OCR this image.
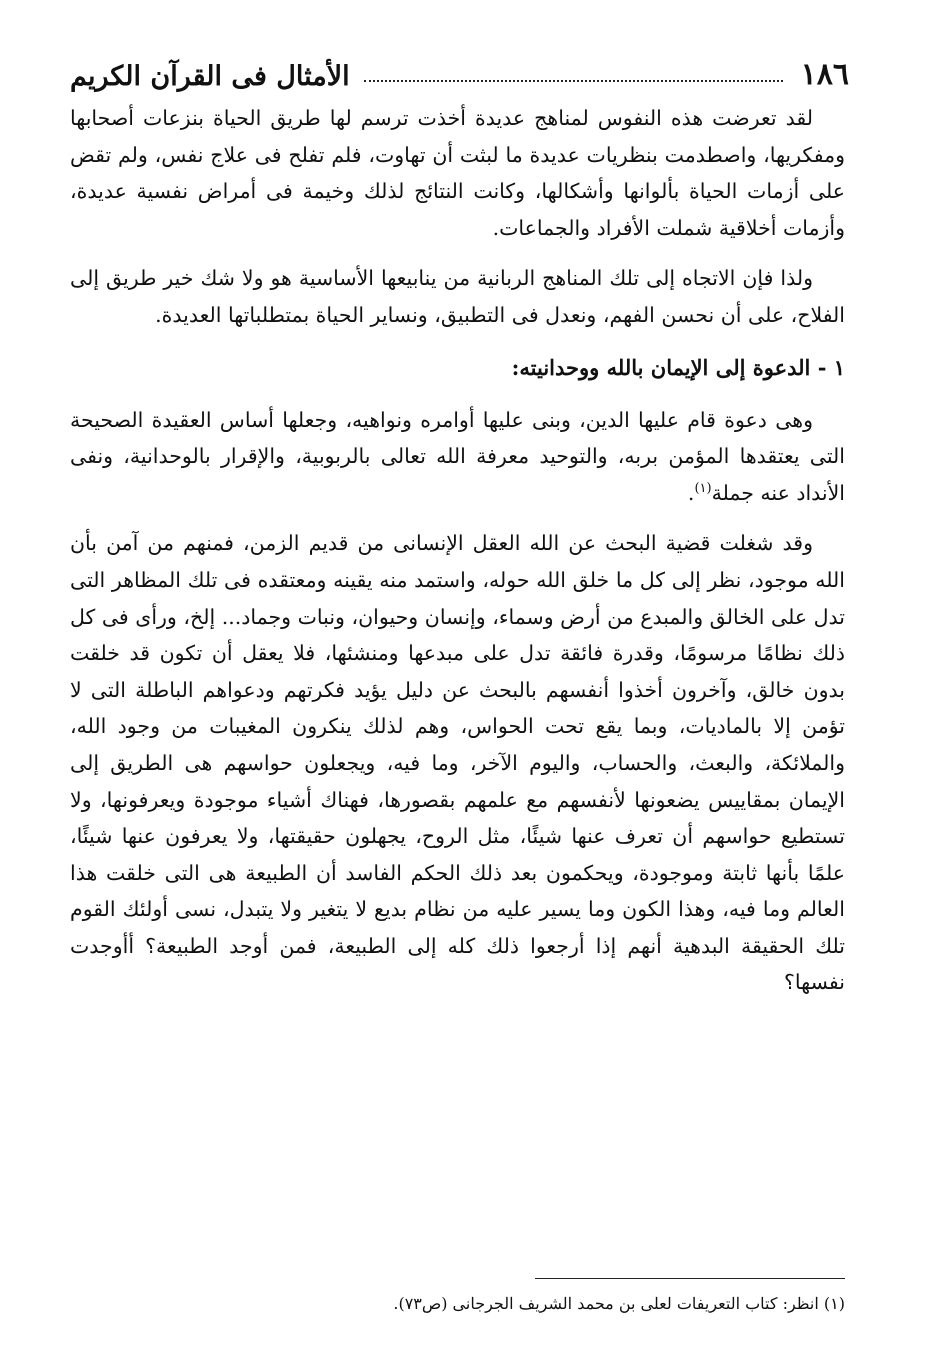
١٨٦
الأمثال فى القرآن الكريم

لقد تعرضت هذه النفوس لمناهج عديدة أخذت ترسم لها طريق الحياة بنزعات أصحابها ومفكريها، واصطدمت بنظريات عديدة ما لبثت أن تهاوت، فلم تفلح فى علاج نفس، ولم تقض على أزمات الحياة بألوانها وأشكالها، وكانت النتائج لذلك وخيمة فى أمراض نفسية عديدة، وأزمات أخلاقية شملت الأفراد والجماعات.

ولذا فإن الاتجاه إلى تلك المناهج الربانية من ينابيعها الأساسية هو ولا شك خير طريق إلى الفلاح، على أن نحسن الفهم، ونعدل فى التطبيق، ونساير الحياة بمتطلباتها العديدة.

١ - الدعوة إلى الإيمان بالله ووحدانيته:

وهى دعوة قام عليها الدين، وبنى عليها أوامره ونواهيه، وجعلها أساس العقيدة الصحيحة التى يعتقدها المؤمن بربه، والتوحيد معرفة الله تعالى بالربوبية، والإقرار بالوحدانية، ونفى الأنداد عنه جملة$^{(١)}$.

وقد شغلت قضية البحث عن الله العقل الإنسانى من قديم الزمن، فمنهم من آمن بأن الله موجود، نظر إلى كل ما خلق الله حوله، واستمد منه يقينه ومعتقده فى تلك المظاهر التى تدل على الخالق والمبدع من أرض وسماء، وإنسان وحيوان، ونبات وجماد... إلخ، ورأى فى كل ذلك نظامًا مرسومًا، وقدرة فائقة تدل على مبدعها ومنشئها، فلا يعقل أن تكون قد خلقت بدون خالق، وآخرون أخذوا أنفسهم بالبحث عن دليل يؤيد فكرتهم ودعواهم الباطلة التى لا تؤمن إلا بالماديات، وبما يقع تحت الحواس، وهم لذلك ينكرون المغيبات من وجود الله، والملائكة، والبعث، والحساب، واليوم الآخر، وما فيه، ويجعلون حواسهم هى الطريق إلى الإيمان بمقاييس يضعونها لأنفسهم مع علمهم بقصورها، فهناك أشياء موجودة ويعرفونها، ولا تستطيع حواسهم أن تعرف عنها شيئًا، مثل الروح، يجهلون حقيقتها، ولا يعرفون عنها شيئًا، علمًا بأنها ثابتة وموجودة، ويحكمون بعد ذلك الحكم الفاسد أن الطبيعة هى التى خلقت هذا العالم وما فيه، وهذا الكون وما يسير عليه من نظام بديع لا يتغير ولا يتبدل، نسى أولئك القوم تلك الحقيقة البدهية أنهم إذا أرجعوا ذلك كله إلى الطبيعة، فمن أوجد الطبيعة؟ أأوجدت نفسها؟

(١) انظر: كتاب التعريفات لعلى بن محمد الشريف الجرجانى (ص٧٣).
